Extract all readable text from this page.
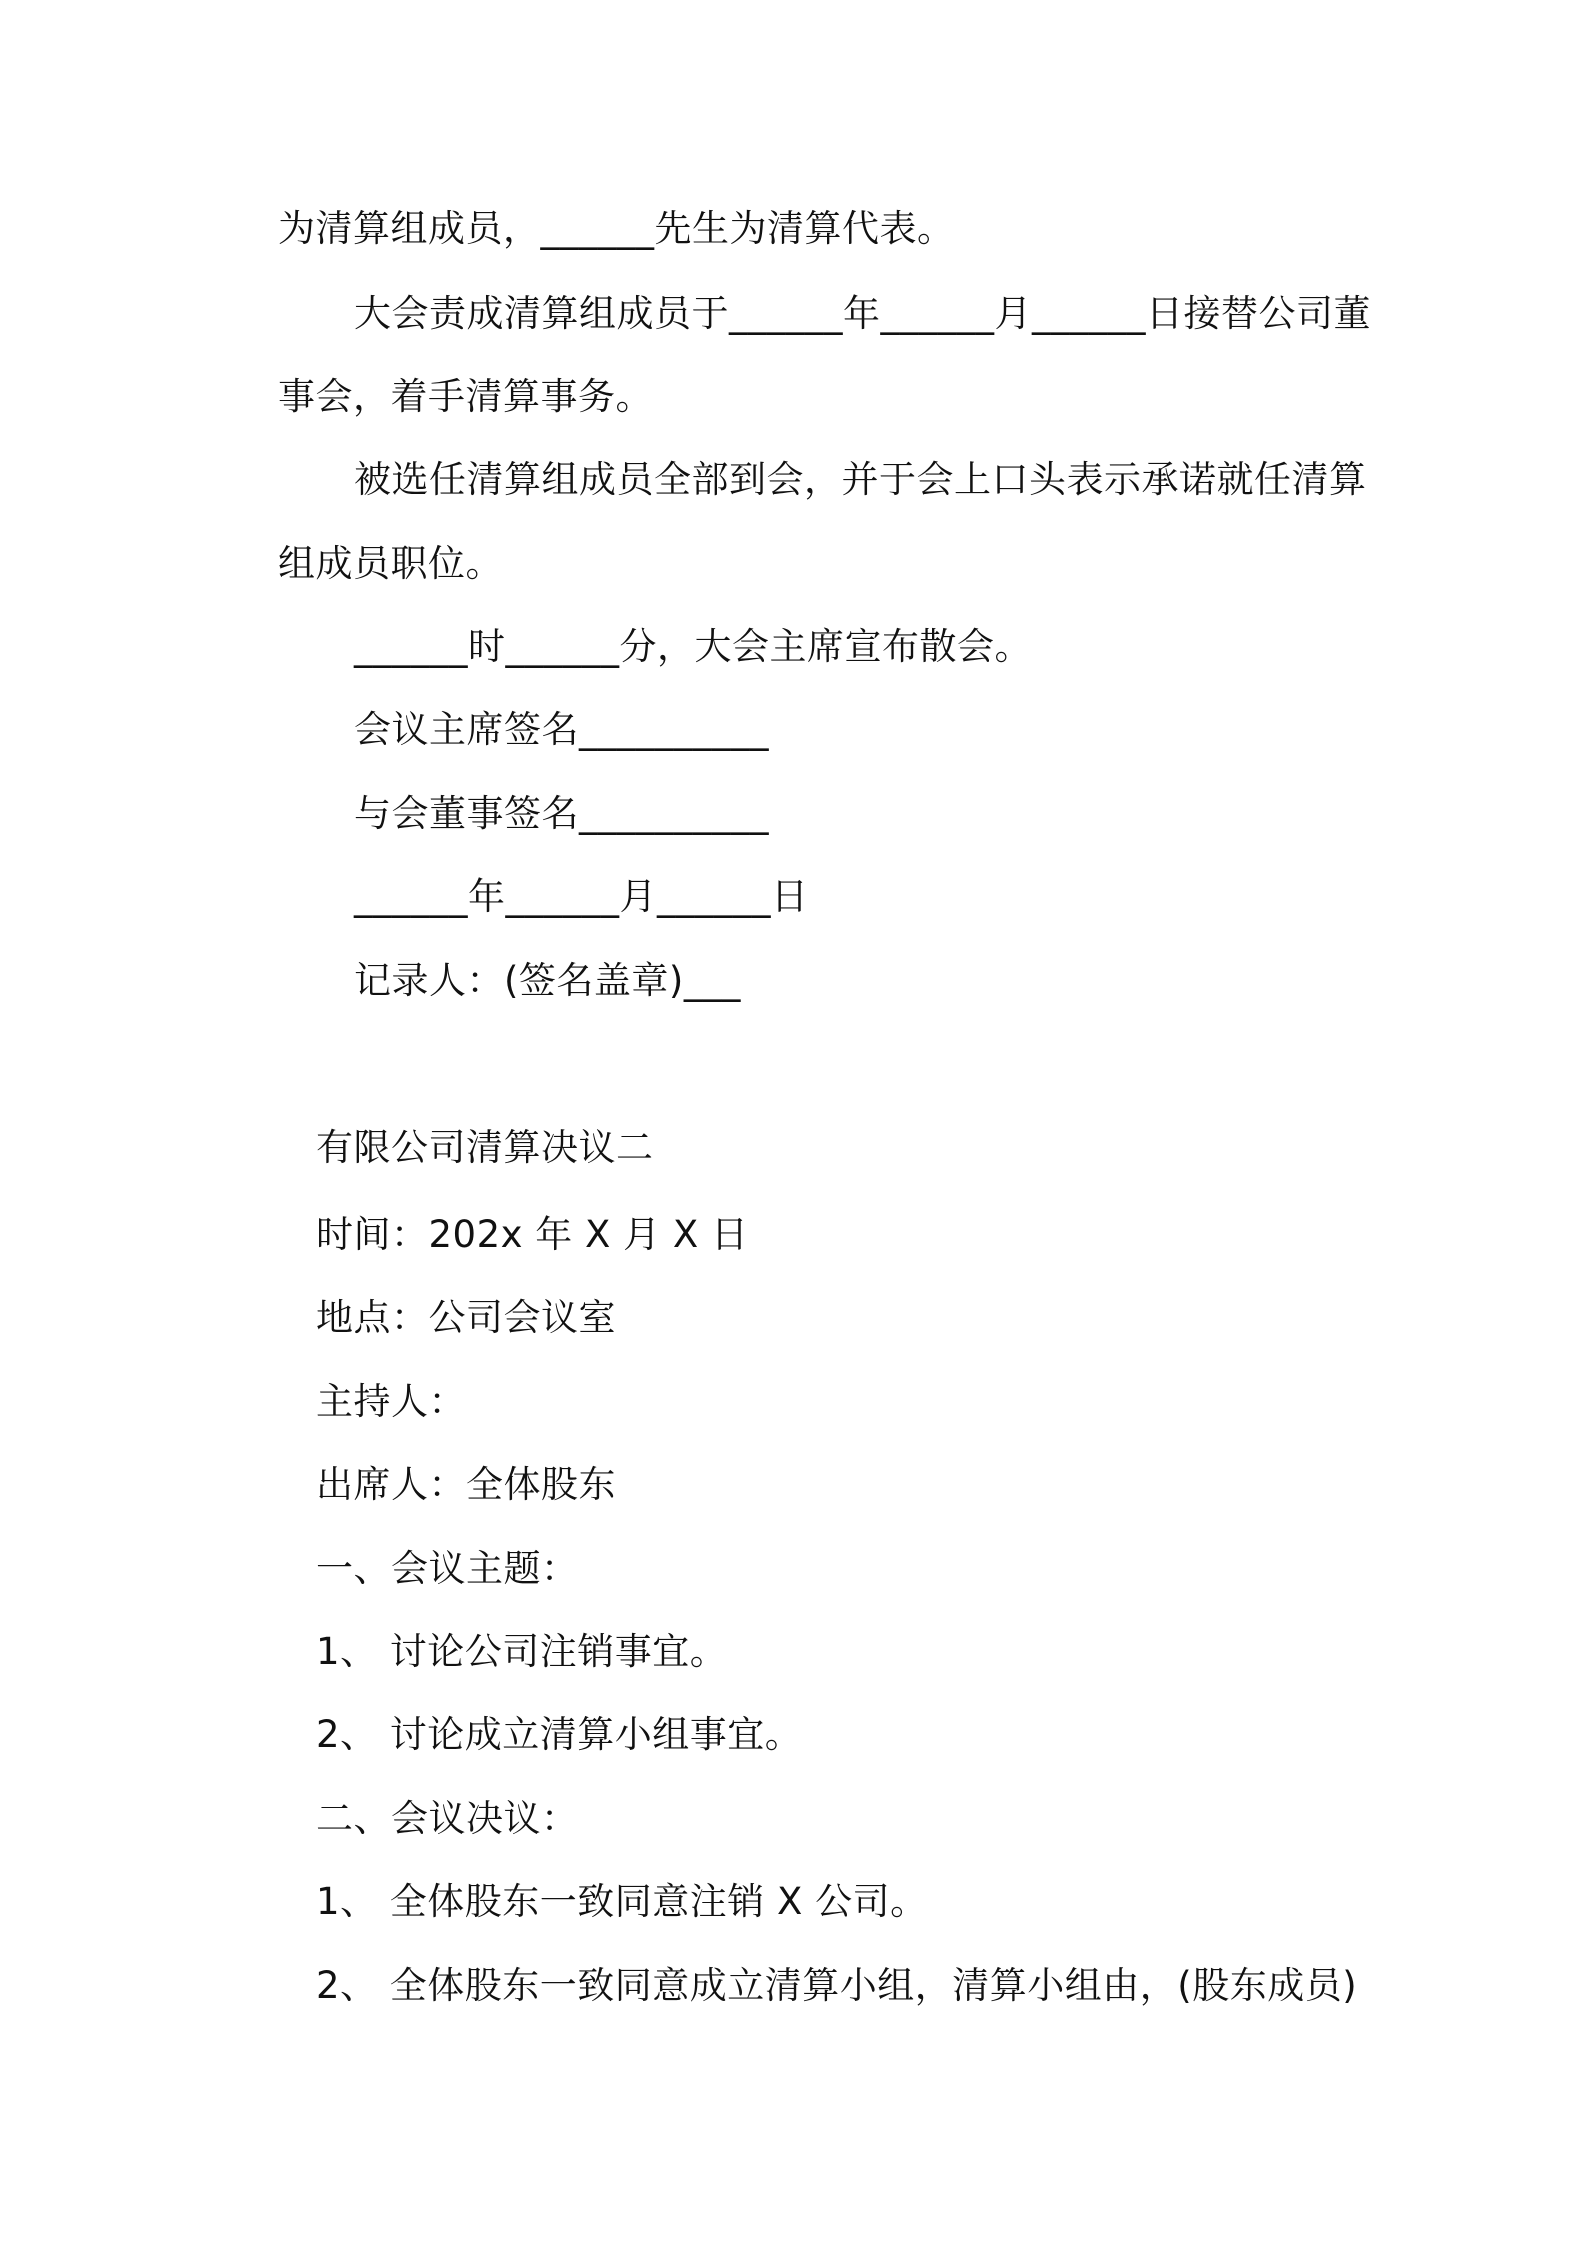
为清算组成员，______先生为清算代表。
大会责成清算组成员于______年______月______日接替公司董
事会，着手清算事务。
被选任清算组成员全部到会，并于会上口头表示承诺就任清算
组成员职位。
______时______分，大会主席宣布散会。
会议主席签名__________
与会董事签名__________
______年______月______日
记录人：(签名盖章)___
有限公司清算决议二
时间：202x 年 X 月 X 日
地点：公司会议室
主持人：
出席人：全体股东
一、会议主题：
1、 讨论公司注销事宜。
2、 讨论成立清算小组事宜。
二、会议决议：
1、 全体股东一致同意注销 X 公司。
2、 全体股东一致同意成立清算小组，清算小组由，(股东成员)
